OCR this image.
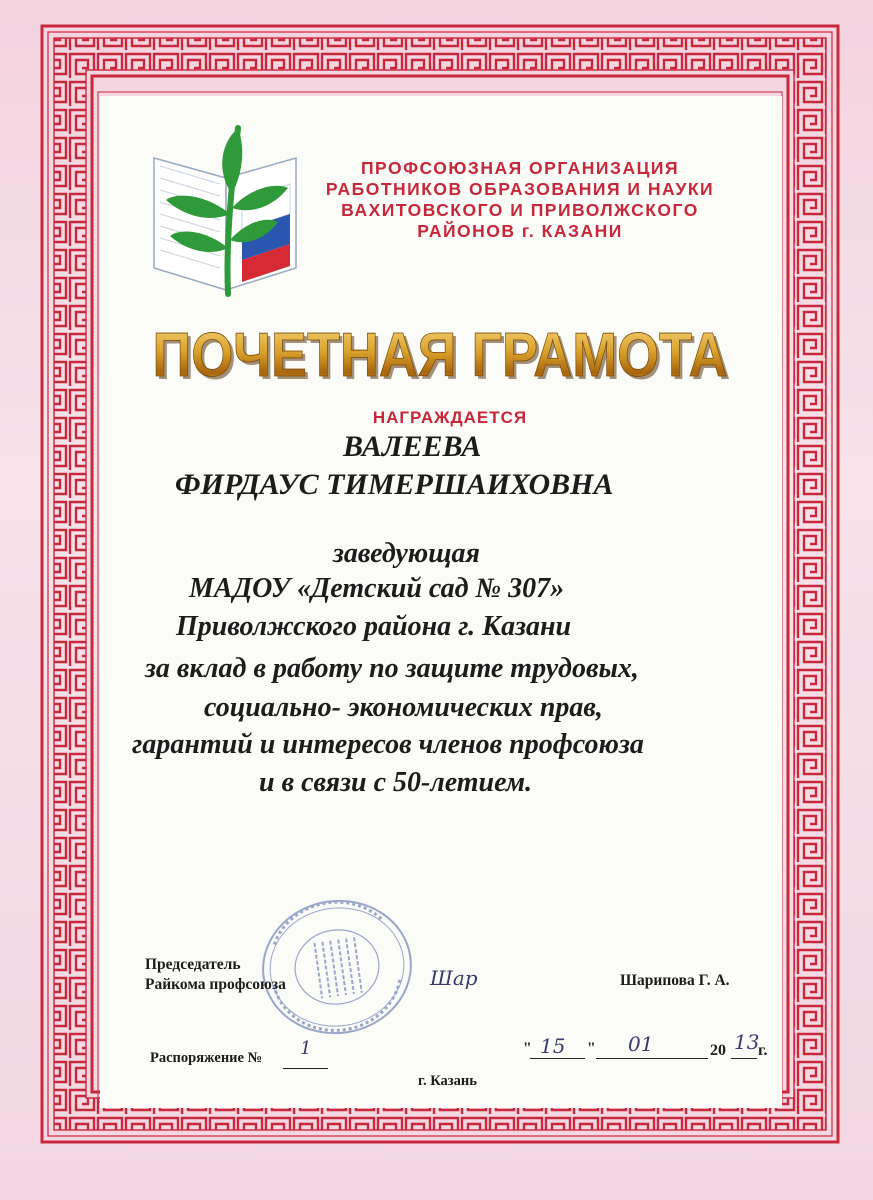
ПРОФСОЮЗНАЯ ОРГАНИЗАЦИЯ
РАБОТНИКОВ ОБРАЗОВАНИЯ И НАУКИ
ВАХИТОВСКОГО И ПРИВОЛЖСКОГО
РАЙОНОВ г. КАЗАНИ
ПОЧЕТНАЯ ГРАМОТА
ПОЧЕТНАЯ ГРАМОТА
НАГРАЖДАЕТСЯ
ВАЛЕЕВА
ФИРДАУС ТИМЕРШАИХОВНА
заведующая
МАДОУ «Детский сад № 307»
Приволжского района г. Казани
за вклад в работу по защите трудовых,
социально- экономических прав,
гарантий и интересов членов профсоюза
и в связи с 50-летием.
Председатель
Райкома профсоюза	Шар	Шарипова Г. А.
Распоряжение № 1	" 15 " 01	20 13
г.
г. Казань
